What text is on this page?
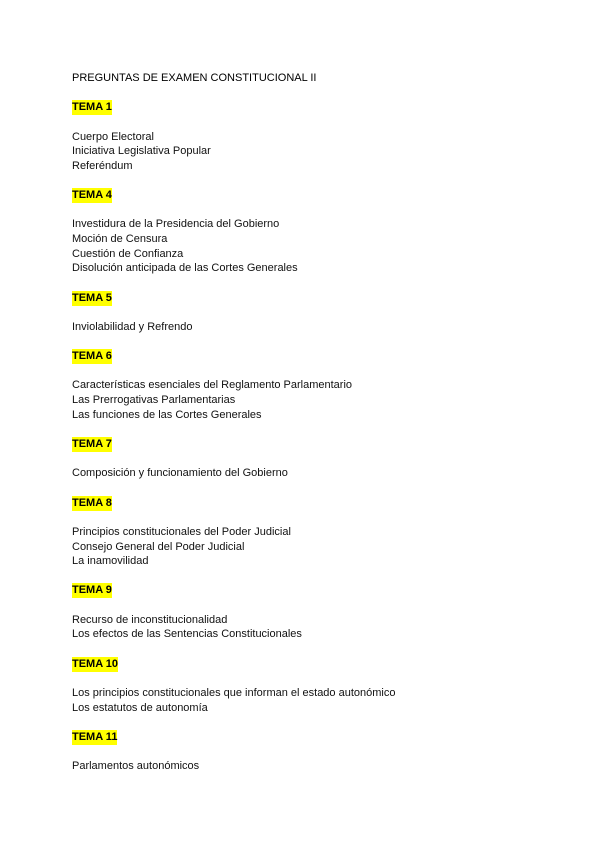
PREGUNTAS DE EXAMEN CONSTITUCIONAL II
TEMA 1
Cuerpo Electoral
Iniciativa Legislativa Popular
Referéndum
TEMA 4
Investidura de la Presidencia del Gobierno
Moción de Censura
Cuestión de Confianza
Disolución anticipada de las Cortes Generales
TEMA 5
Inviolabilidad y Refrendo
TEMA 6
Características esenciales del Reglamento Parlamentario
Las Prerrogativas Parlamentarias
Las funciones de las Cortes Generales
TEMA 7
Composición y funcionamiento del Gobierno
TEMA 8
Principios constitucionales del Poder Judicial
Consejo General del Poder Judicial
La inamovilidad
TEMA 9
Recurso de inconstitucionalidad
Los efectos de las Sentencias Constitucionales
TEMA 10
Los principios constitucionales que informan el estado autonómico
Los estatutos de autonomía
TEMA 11
Parlamentos autonómicos
